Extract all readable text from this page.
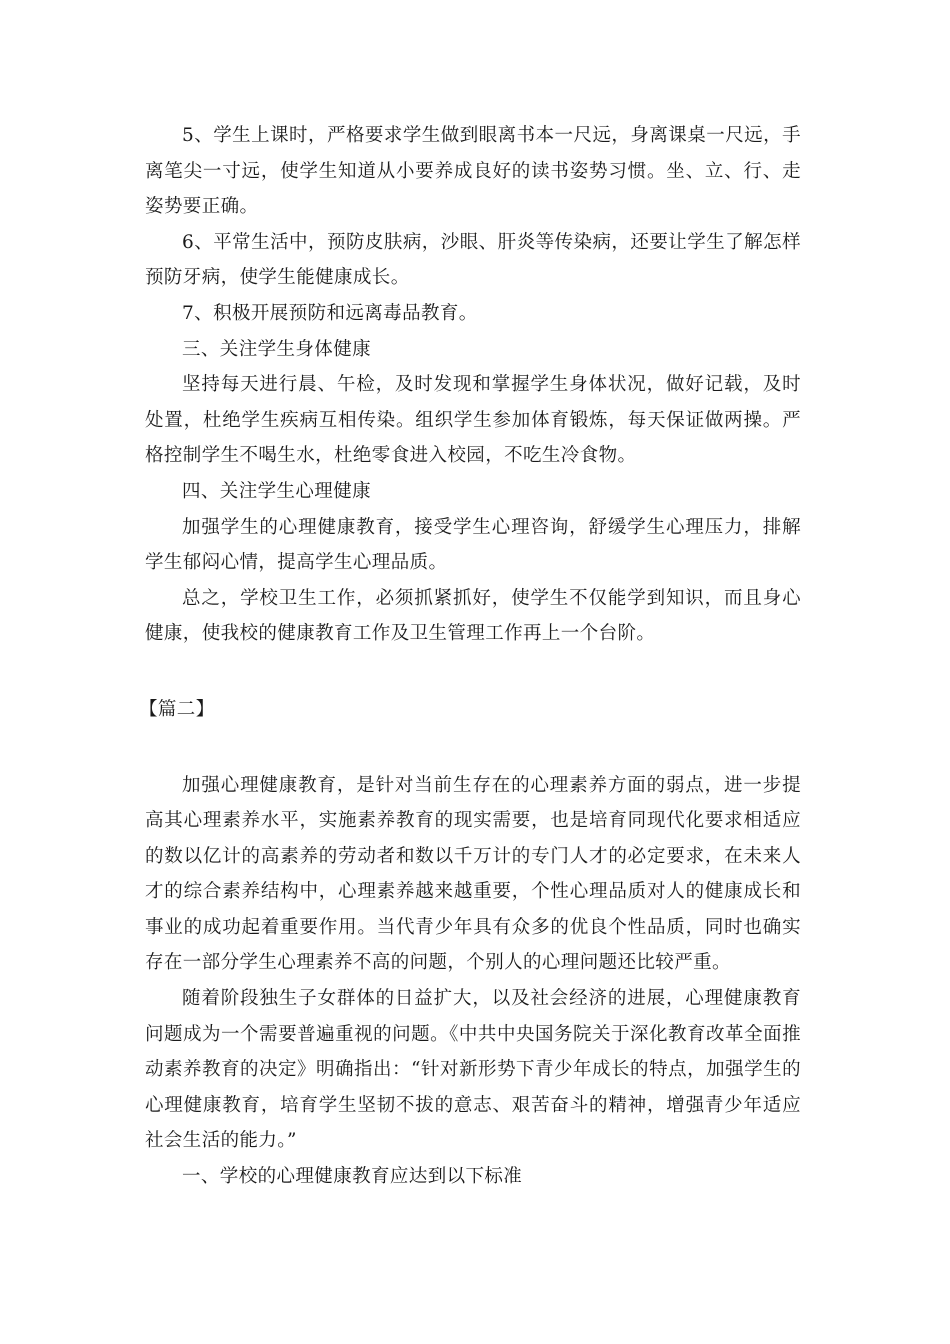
5、学生上课时，严格要求学生做到眼离书本一尺远，身离课桌一尺远，手离笔尖一寸远，使学生知道从小要养成良好的读书姿势习惯。坐、立、行、走姿势要正确。

6、平常生活中，预防皮肤病，沙眼、肝炎等传染病，还要让学生了解怎样预防牙病，使学生能健康成长。

7、积极开展预防和远离毒品教育。

三、关注学生身体健康

坚持每天进行晨、午检，及时发现和掌握学生身体状况，做好记载，及时处置，杜绝学生疾病互相传染。组织学生参加体育锻炼，每天保证做两操。严格控制学生不喝生水，杜绝零食进入校园，不吃生冷食物。

四、关注学生心理健康

加强学生的心理健康教育，接受学生心理咨询，舒缓学生心理压力，排解学生郁闷心情，提高学生心理品质。

总之，学校卫生工作，必须抓紧抓好，使学生不仅能学到知识，而且身心健康，使我校的健康教育工作及卫生管理工作再上一个台阶。

【篇二】

加强心理健康教育，是针对当前生存在的心理素养方面的弱点，进一步提高其心理素养水平，实施素养教育的现实需要，也是培育同现代化要求相适应的数以亿计的高素养的劳动者和数以千万计的专门人才的必定要求，在未来人才的综合素养结构中，心理素养越来越重要，个性心理品质对人的健康成长和事业的成功起着重要作用。当代青少年具有众多的优良个性品质，同时也确实存在一部分学生心理素养不高的问题，个别人的心理问题还比较严重。

随着阶段独生子女群体的日益扩大，以及社会经济的进展，心理健康教育问题成为一个需要普遍重视的问题。《中共中央国务院关于深化教育改革全面推动素养教育的决定》明确指出：“针对新形势下青少年成长的特点，加强学生的心理健康教育，培育学生坚韧不拔的意志、艰苦奋斗的精神，增强青少年适应社会生活的能力。”

一、学校的心理健康教育应达到以下标准
